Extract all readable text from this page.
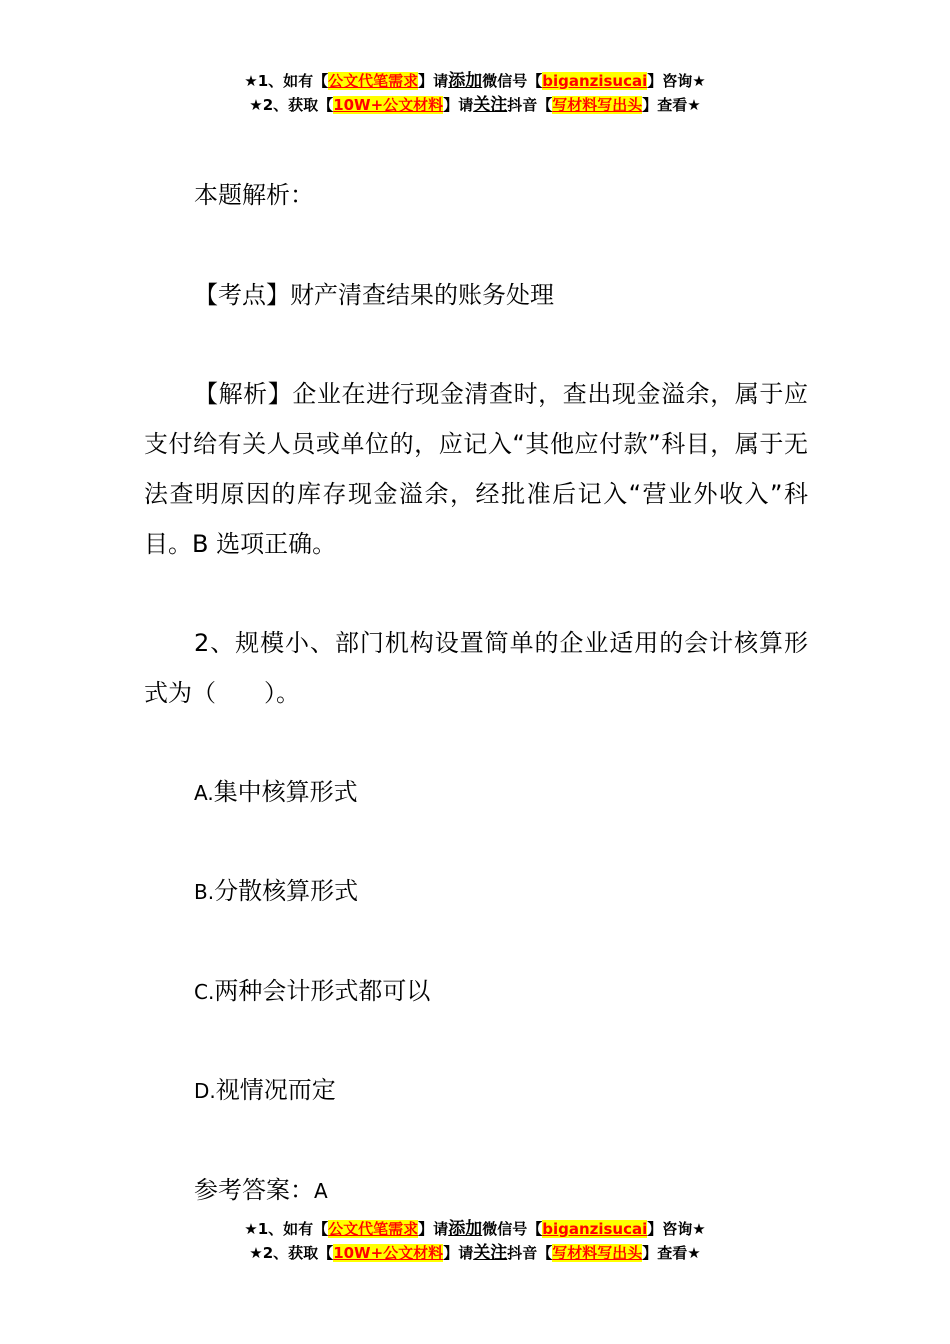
★1、如有【公文代笔需求】请添加微信号【biganzisucai】咨询★
★2、获取【10W+公文材料】请关注抖音【写材料写出头】查看★

本题解析：

【考点】财产清查结果的账务处理

【解析】企业在进行现金清查时，查出现金溢余，属于应支付给有关人员或单位的，应记入“其他应付款”科目，属于无法查明原因的库存现金溢余，经批准后记入“营业外收入”科目。B 选项正确。

2、规模小、部门机构设置简单的企业适用的会计核算形式为（　　）。

A.集中核算形式

B.分散核算形式

C.两种会计形式都可以

D.视情况而定

参考答案：A

★1、如有【公文代笔需求】请添加微信号【biganzisucai】咨询★
★2、获取【10W+公文材料】请关注抖音【写材料写出头】查看★
